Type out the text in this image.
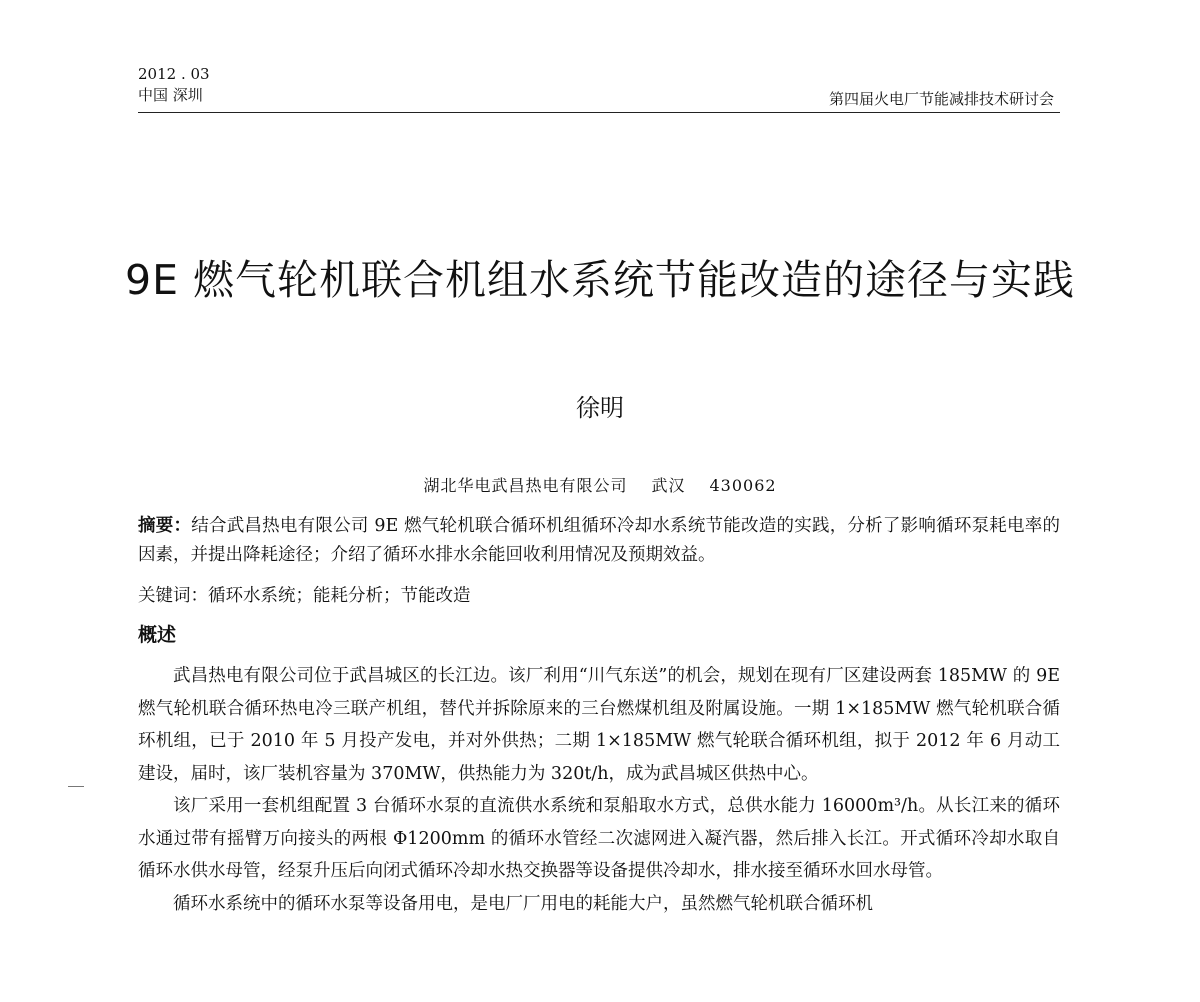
2012 . 03
中国 深圳	第四届火电厂节能减排技术研讨会
9E 燃气轮机联合机组水系统节能改造的途径与实践
徐明
湖北华电武昌热电有限公司 武汉 430062
摘要：结合武昌热电有限公司 9E 燃气轮机联合循环机组循环冷却水系统节能改造的实践，分析了影响循环泵耗电率的因素，并提出降耗途径；介绍了循环水排水余能回收利用情况及预期效益。
关键词：循环水系统；能耗分析；节能改造
概述

武昌热电有限公司位于武昌城区的长江边。该厂利用“川气东送”的机会，规划在现有厂区建设两套 185MW 的 9E 燃气轮机联合循环热电冷三联产机组，替代并拆除原来的三台燃煤机组及附属设施。一期 1×185MW 燃气轮机联合循环机组，已于 2010 年 5 月投产发电，并对外供热；二期 1×185MW 燃气轮联合循环机组，拟于 2012 年 6 月动工建设，届时，该厂装机容量为 370MW，供热能力为 320t/h，成为武昌城区供热中心。

该厂采用一套机组配置 3 台循环水泵的直流供水系统和泵船取水方式，总供水能力 16000m³/h。从长江来的循环水通过带有摇臂万向接头的两根 Φ1200mm 的循环水管经二次滤网进入凝汽器，然后排入长江。开式循环冷却水取自循环水供水母管，经泵升压后向闭式循环冷却水热交换器等设备提供冷却水，排水接至循环水回水母管。

循环水系统中的循环水泵等设备用电，是电厂厂用电的耗能大户，虽然燃气轮机联合循环机
